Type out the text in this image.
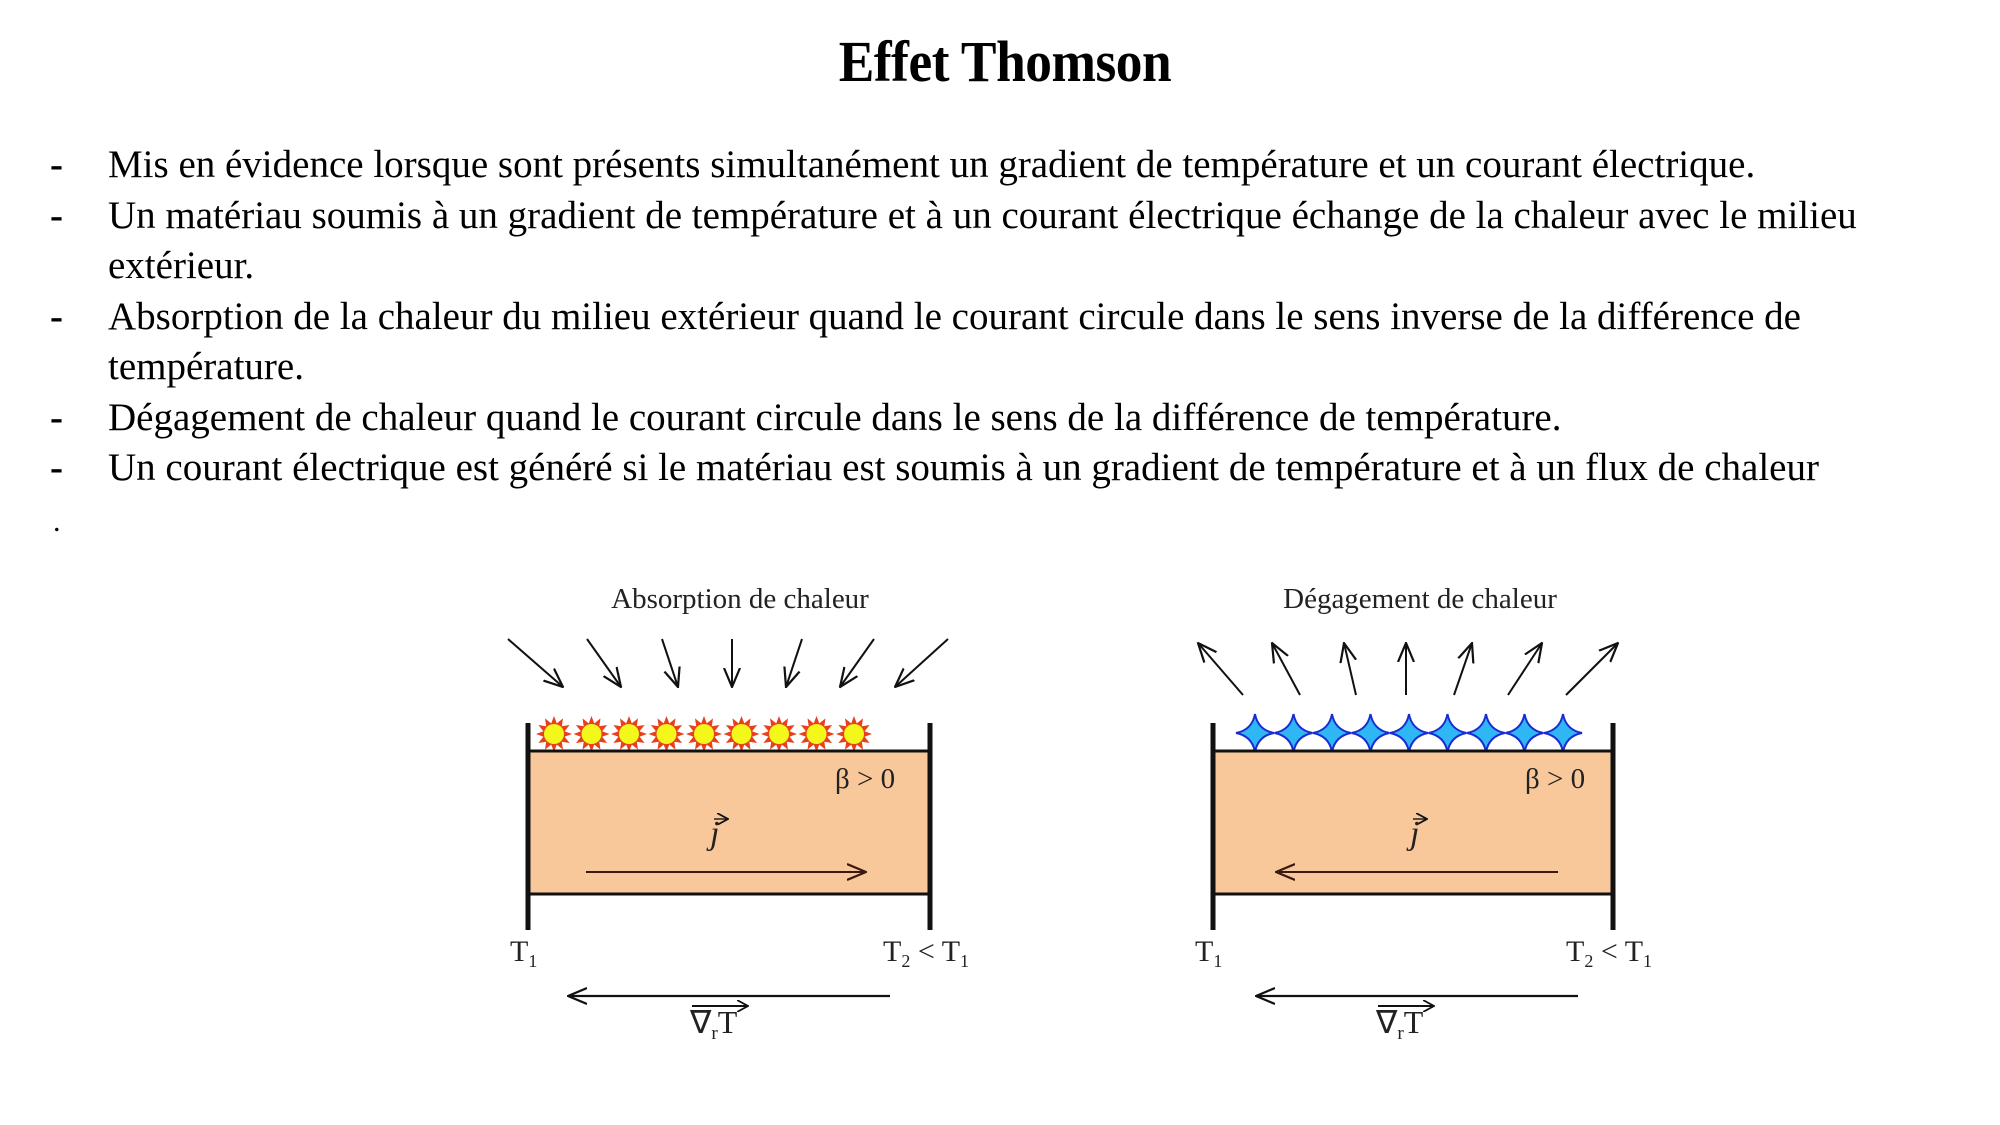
Effet Thomson
- Mis en évidence lorsque sont présents simultanément un gradient de température et un courant électrique.
- Un matériau soumis à un gradient de température et à un courant électrique échange de la chaleur avec le milieu extérieur.
- Absorption de la chaleur du milieu extérieur quand le courant circule dans le sens inverse de la différence de température.
- Dégagement de chaleur quand le courant circule dans le sens de la différence de température.
- Un courant électrique est généré si le matériau est soumis à un gradient de température et à un flux de chaleur
.
Absorption de chaleur
β > 0
j
$T_1$	$T_2 < T_1$
$\nabla_rT$
Dégagement de chaleur
β > 0
j
$T_1$	$T_2 < T_1$
$\nabla_rT$
